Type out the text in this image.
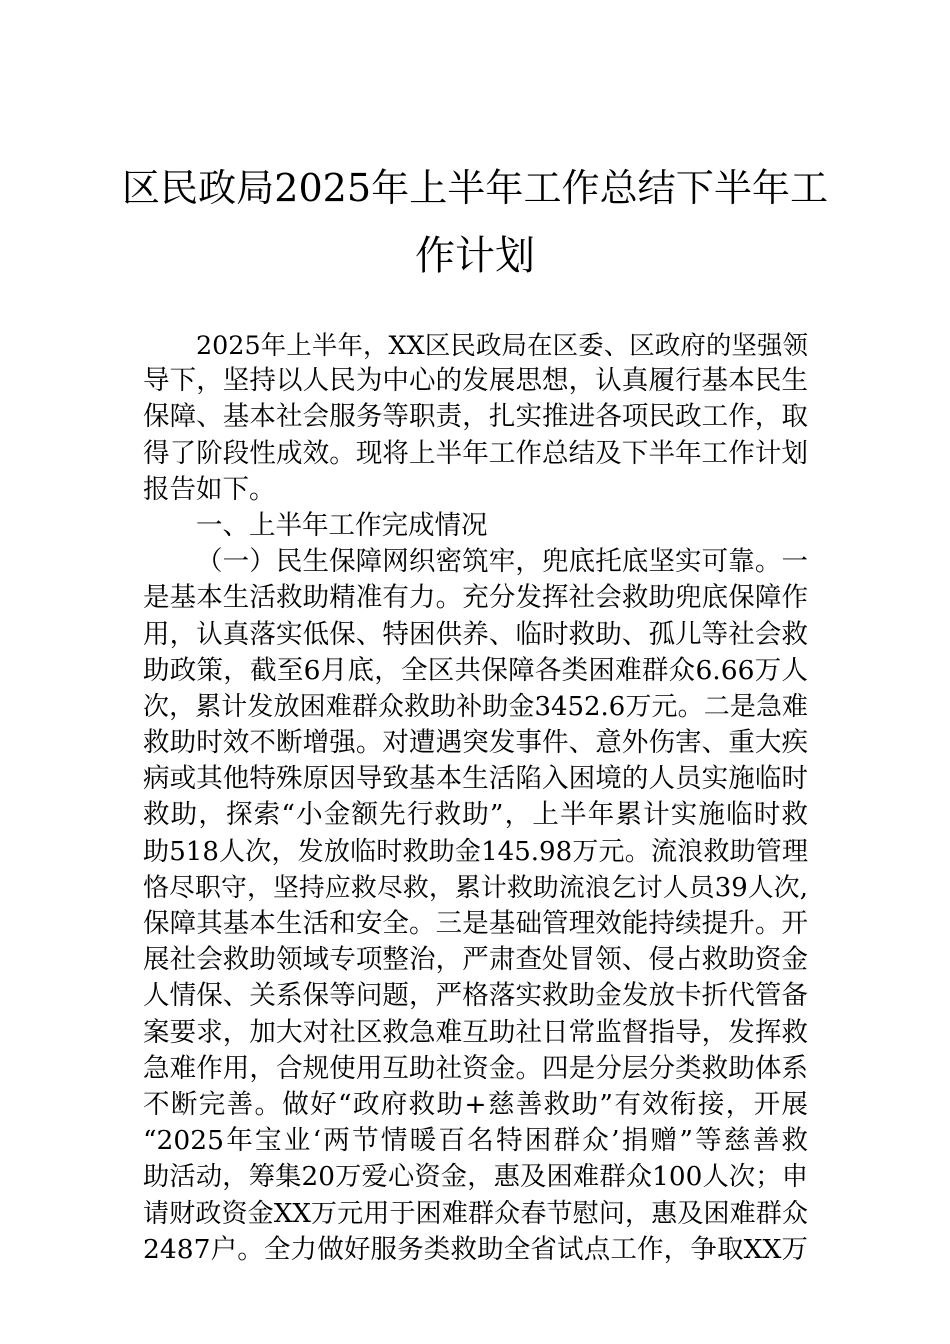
区民政局2025年上半年工作总结下半年工
作计划
2025年上半年，XX区民政局在区委、区政府的坚强领
导下，坚持以人民为中心的发展思想，认真履行基本民生
保障、基本社会服务等职责，扎实推进各项民政工作，取
得了阶段性成效。现将上半年工作总结及下半年工作计划
报告如下。
一、上半年工作完成情况
（一）民生保障网织密筑牢，兜底托底坚实可靠。一
是基本生活救助精准有力。充分发挥社会救助兜底保障作
用，认真落实低保、特困供养、临时救助、孤儿等社会救
助政策，截至6月底，全区共保障各类困难群众6.66万人
次，累计发放困难群众救助补助金3452.6万元。二是急难
救助时效不断增强。对遭遇突发事件、意外伤害、重大疾
病或其他特殊原因导致基本生活陷入困境的人员实施临时
救助，探索“小金额先行救助”，上半年累计实施临时救
助518人次，发放临时救助金145.98万元。流浪救助管理
恪尽职守，坚持应救尽救，累计救助流浪乞讨人员39人次,
保障其基本生活和安全。三是基础管理效能持续提升。开
展社会救助领域专项整治，严肃查处冒领、侵占救助资金
人情保、关系保等问题，严格落实救助金发放卡折代管备
案要求，加大对社区救急难互助社日常监督指导，发挥救
急难作用，合规使用互助社资金。四是分层分类救助体系
不断完善。做好“政府救助+慈善救助”有效衔接，开展
“2025年宝业‘两节情暖百名特困群众’捐赠”等慈善救
助活动，筹集20万爱心资金，惠及困难群众100人次；申
请财政资金XX万元用于困难群众春节慰问，惠及困难群众
2487户。全力做好服务类救助全省试点工作，争取XX万
